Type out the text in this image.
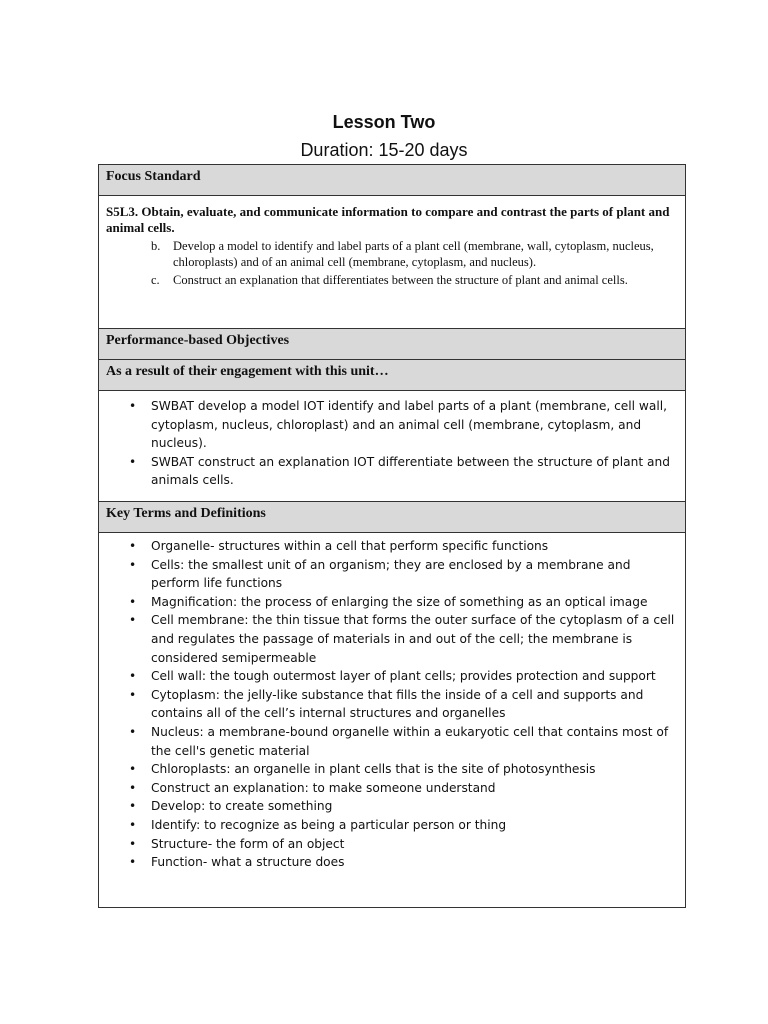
Lesson Two
Duration: 15-20 days
Focus Standard

S5L3. Obtain, evaluate, and communicate information to compare and contrast the parts of plant and animal cells.
b. Develop a model to identify and label parts of a plant cell (membrane, wall, cytoplasm, nucleus, chloroplasts) and of an animal cell (membrane, cytoplasm, and nucleus).
c. Construct an explanation that differentiates between the structure of plant and animal cells.

Performance-based Objectives

As a result of their engagement with this unit…

• SWBAT develop a model IOT identify and label parts of a plant (membrane, cell wall, cytoplasm, nucleus, chloroplast) and an animal cell (membrane, cytoplasm, and nucleus).
• SWBAT construct an explanation IOT differentiate between the structure of plant and animals cells.

Key Terms and Definitions

• Organelle- structures within a cell that perform specific functions
• Cells: the smallest unit of an organism; they are enclosed by a membrane and perform life functions
• Magnification: the process of enlarging the size of something as an optical image
• Cell membrane: the thin tissue that forms the outer surface of the cytoplasm of a cell and regulates the passage of materials in and out of the cell; the membrane is considered semipermeable
• Cell wall: the tough outermost layer of plant cells; provides protection and support
• Cytoplasm: the jelly-like substance that fills the inside of a cell and supports and contains all of the cell’s internal structures and organelles
• Nucleus: a membrane-bound organelle within a eukaryotic cell that contains most of the cell's genetic material
• Chloroplasts: an organelle in plant cells that is the site of photosynthesis
• Construct an explanation: to make someone understand
• Develop: to create something
• Identify: to recognize as being a particular person or thing
• Structure- the form of an object
• Function- what a structure does
